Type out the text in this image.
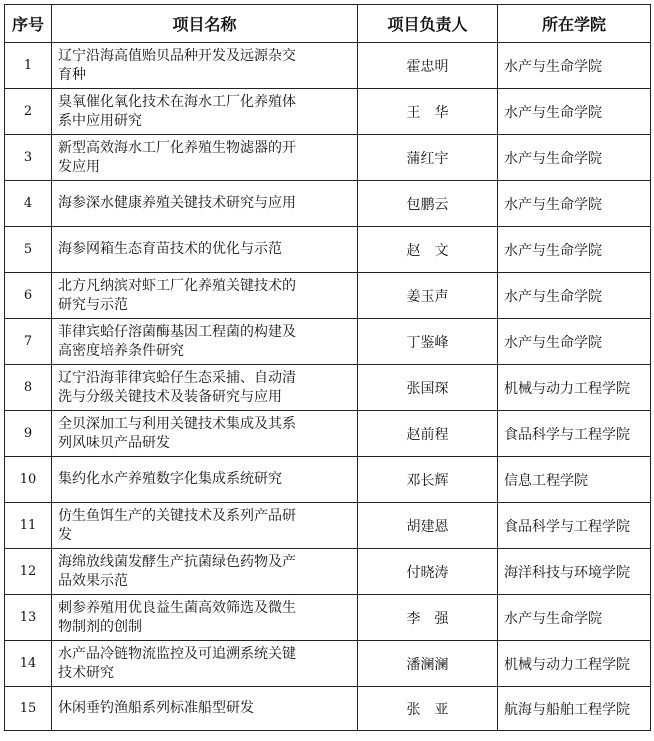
序号	项目名称	项目负责人	所在学院
1	辽宁沿海高值贻贝品种开发及远源杂交
育种	霍忠明	水产与生命学院
2	臭氧催化氧化技术在海水工厂化养殖体
系中应用研究	王　华	水产与生命学院
3	新型高效海水工厂化养殖生物滤器的开
发应用	蒲红宇	水产与生命学院
4	海参深水健康养殖关键技术研究与应用	包鹏云	水产与生命学院
5	海参网箱生态育苗技术的优化与示范	赵　文	水产与生命学院
6	北方凡纳滨对虾工厂化养殖关键技术的
研究与示范	姜玉声	水产与生命学院
7	菲律宾蛤仔溶菌酶基因工程菌的构建及
高密度培养条件研究	丁鉴峰	水产与生命学院
8	辽宁沿海菲律宾蛤仔生态采捕、自动清
洗与分级关键技术及装备研究与应用	张国琛	机械与动力工程学院
9	全贝深加工与利用关键技术集成及其系
列风味贝产品研发	赵前程	食品科学与工程学院
10	集约化水产养殖数字化集成系统研究	邓长辉	信息工程学院
11	仿生鱼饵生产的关键技术及系列产品研
发	胡建恩	食品科学与工程学院
12	海绵放线菌发酵生产抗菌绿色药物及产
品效果示范	付晓涛	海洋科技与环境学院
13	刺参养殖用优良益生菌高效筛选及微生
物制剂的创制	李　强	水产与生命学院
14	水产品冷链物流监控及可追溯系统关键
技术研究	潘澜澜	机械与动力工程学院
15	休闲垂钓渔船系列标准船型研发	张　亚	航海与船舶工程学院
